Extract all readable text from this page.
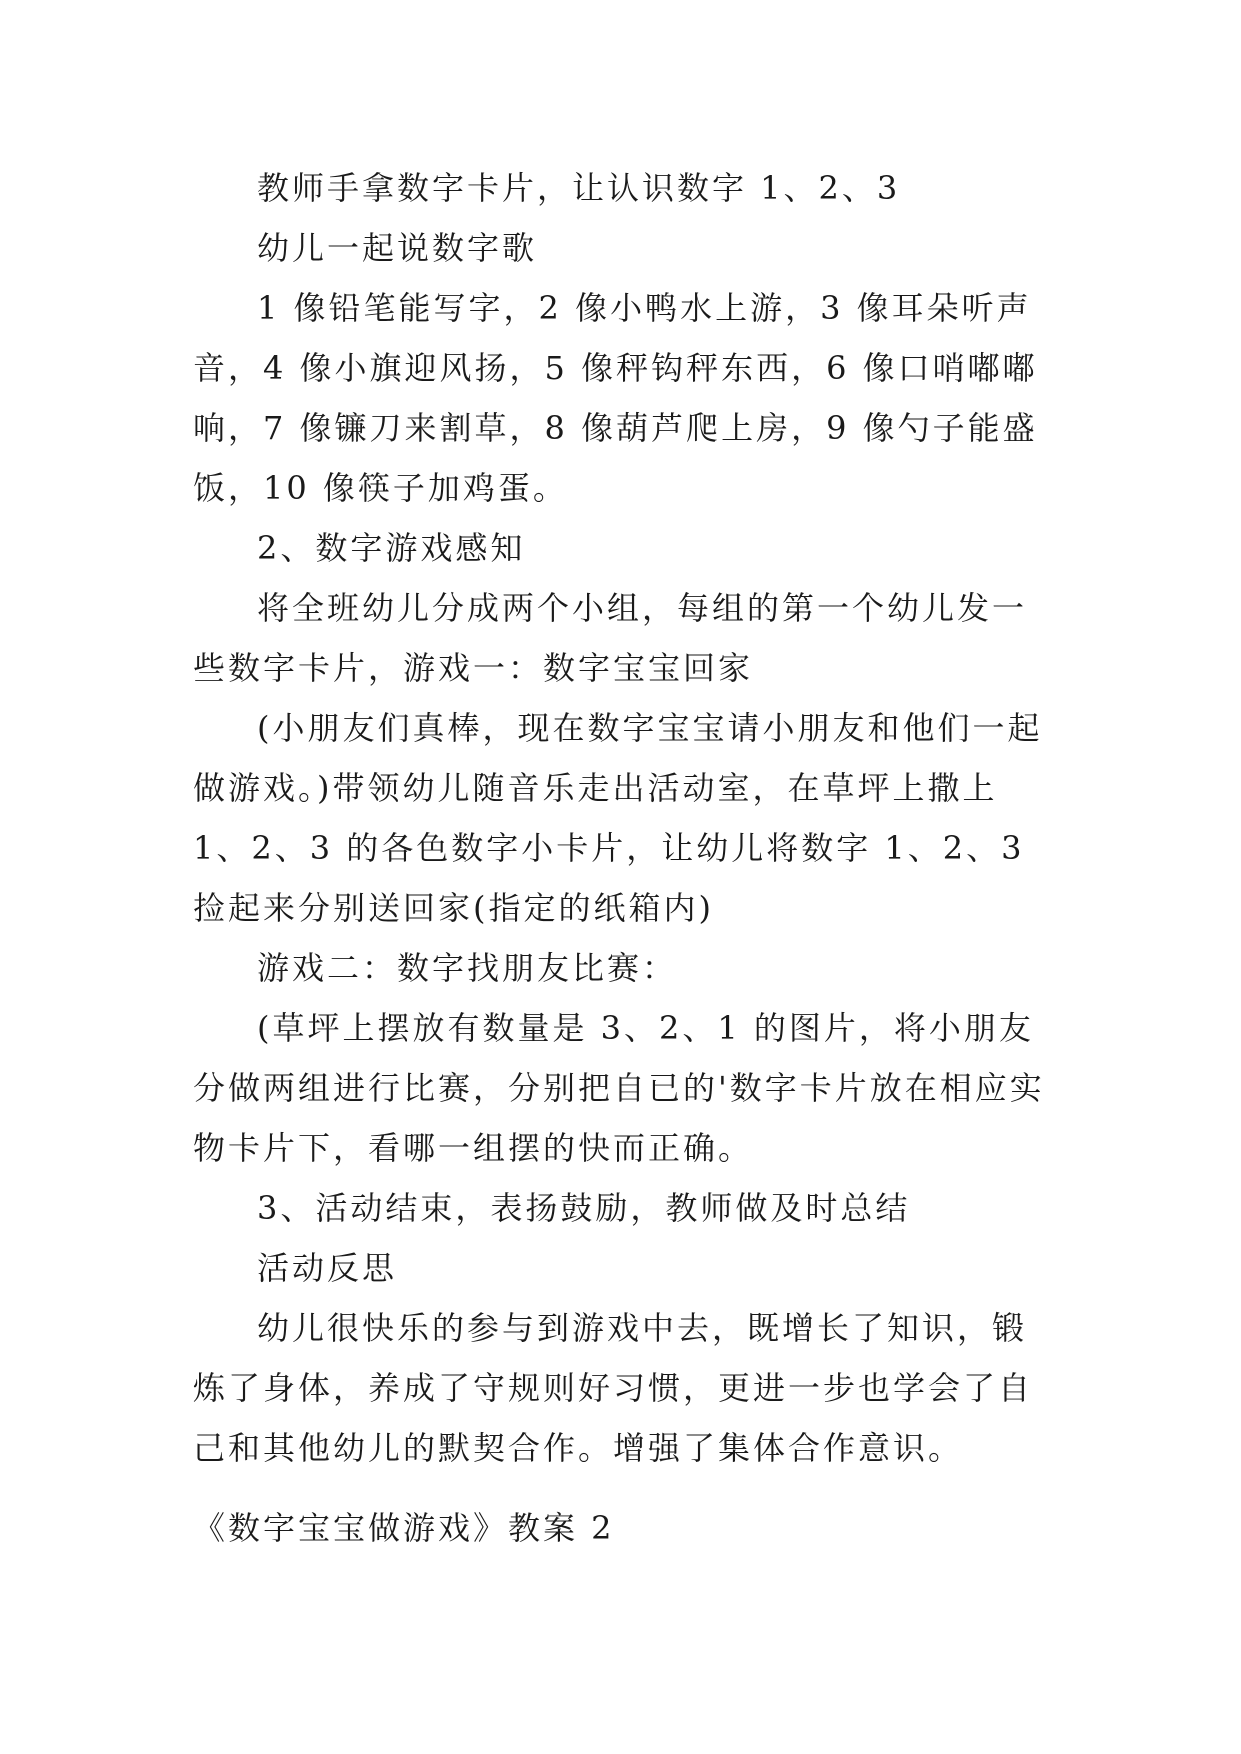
教师手拿数字卡片，让认识数字 1、2、3

幼儿一起说数字歌

1 像铅笔能写字，2 像小鸭水上游，3 像耳朵听声音，4 像小旗迎风扬，5 像秤钩秤东西，6 像口哨嘟嘟响，7 像镰刀来割草，8 像葫芦爬上房，9 像勺子能盛饭，10 像筷子加鸡蛋。

2、数字游戏感知

将全班幼儿分成两个小组，每组的第一个幼儿发一些数字卡片，游戏一：数字宝宝回家

(小朋友们真棒，现在数字宝宝请小朋友和他们一起做游戏。)带领幼儿随音乐走出活动室，在草坪上撒上 1、2、3 的各色数字小卡片，让幼儿将数字 1、2、3 捡起来分别送回家(指定的纸箱内)

游戏二：数字找朋友比赛：

(草坪上摆放有数量是 3、2、1 的图片，将小朋友分做两组进行比赛，分别把自已的'数字卡片放在相应实物卡片下，看哪一组摆的快而正确。

3、活动结束，表扬鼓励，教师做及时总结

活动反思

幼儿很快乐的参与到游戏中去，既增长了知识，锻炼了身体，养成了守规则好习惯，更进一步也学会了自己和其他幼儿的默契合作。增强了集体合作意识。

《数字宝宝做游戏》教案 2
